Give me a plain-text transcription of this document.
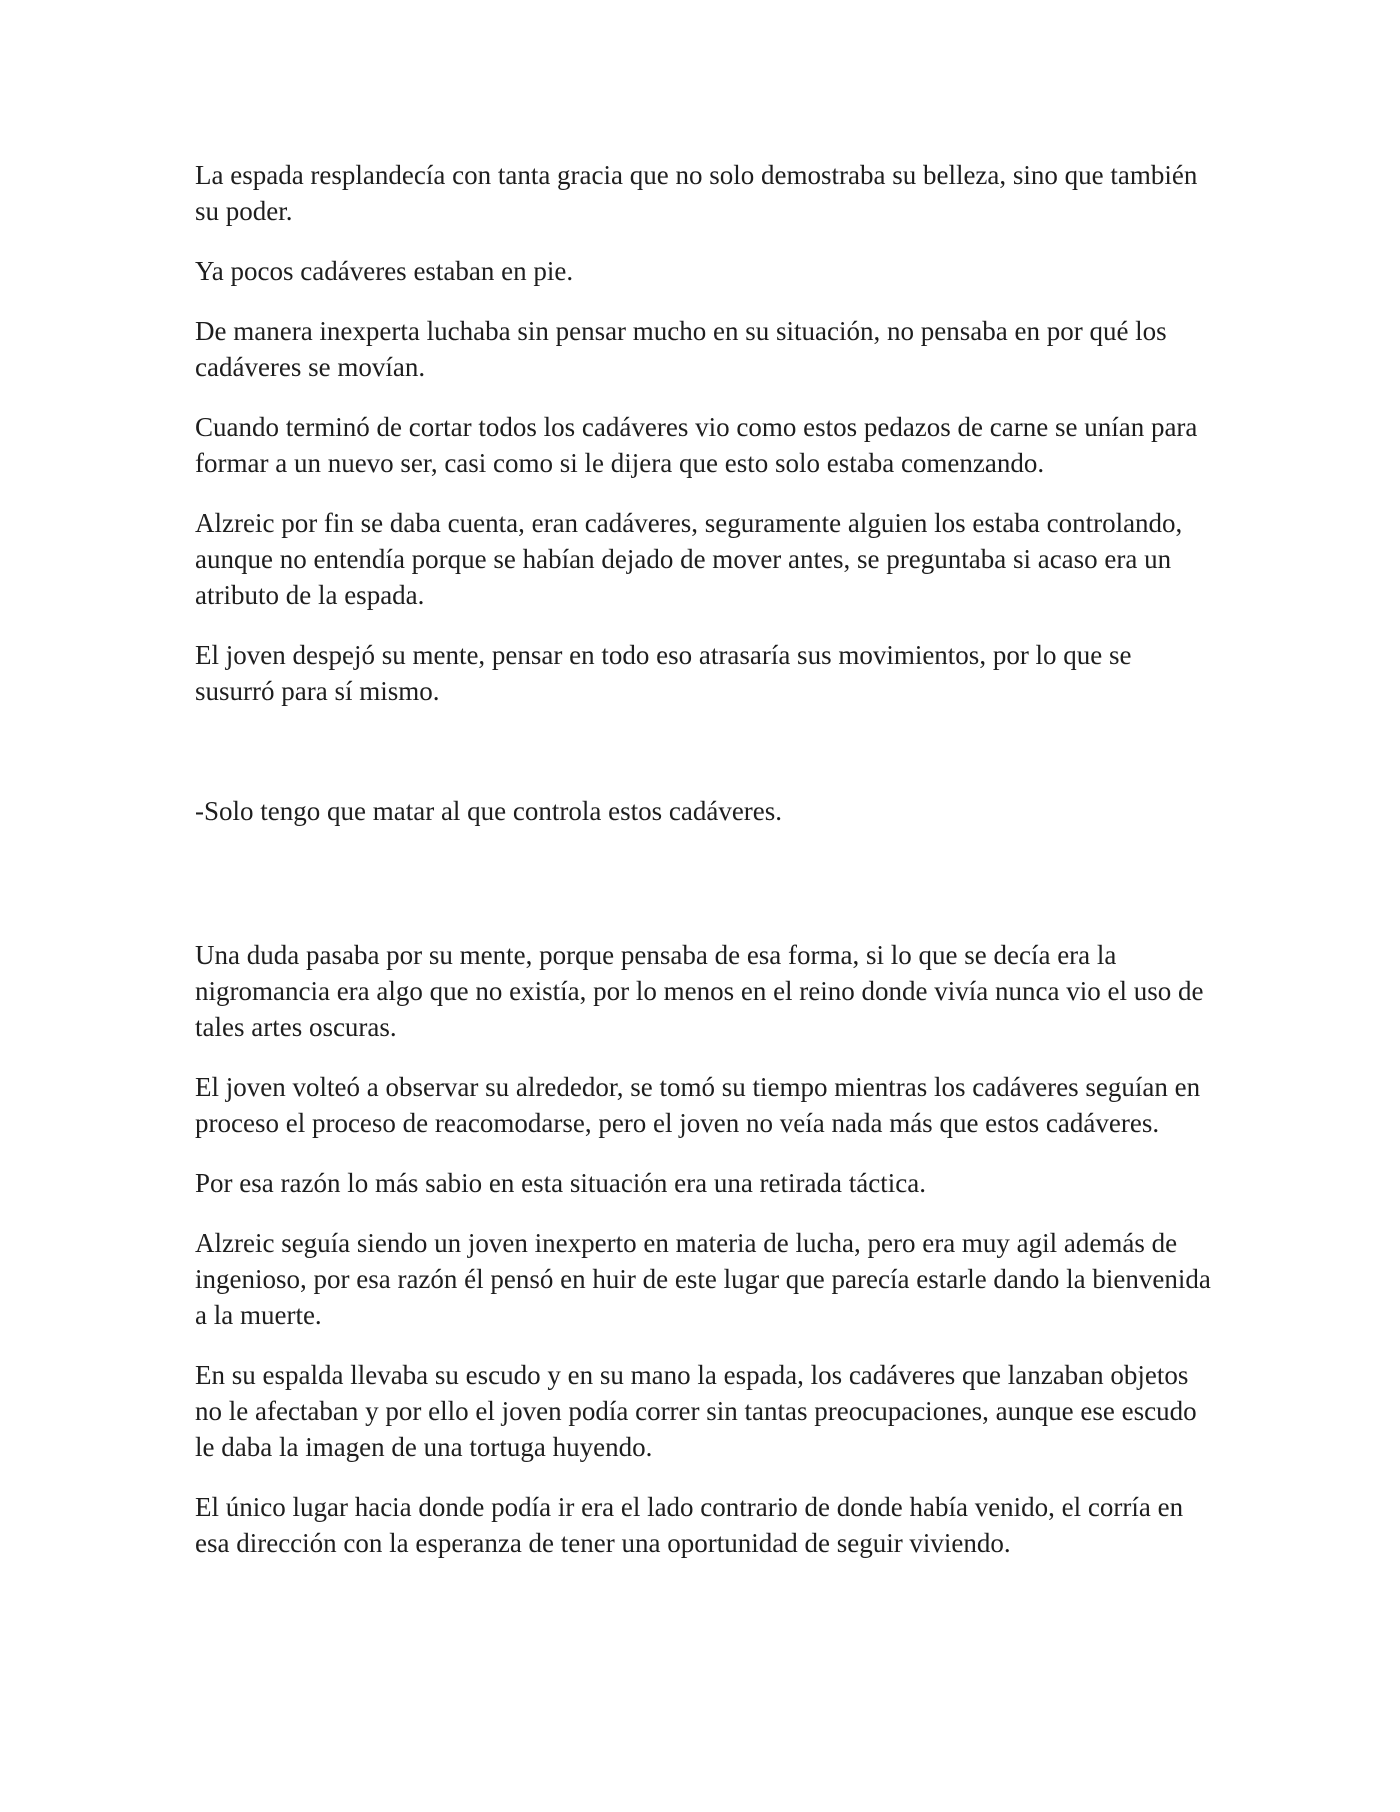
La espada resplandecía con tanta gracia que no solo demostraba su belleza, sino que también su poder.

Ya pocos cadáveres estaban en pie.

De manera inexperta luchaba sin pensar mucho en su situación, no pensaba en por qué los cadáveres se movían.

Cuando terminó de cortar todos los cadáveres vio como estos pedazos de carne se unían para formar a un nuevo ser, casi como si le dijera que esto solo estaba comenzando.

Alzreic por fin se daba cuenta, eran cadáveres, seguramente alguien los estaba controlando, aunque no entendía porque se habían dejado de mover antes, se preguntaba si acaso era un atributo de la espada.

El joven despejó su mente, pensar en todo eso atrasaría sus movimientos, por lo que se susurró para sí mismo.

-Solo tengo que matar al que controla estos cadáveres.

Una duda pasaba por su mente, porque pensaba de esa forma, si lo que se decía era la nigromancia era algo que no existía, por lo menos en el reino donde vivía nunca vio el uso de tales artes oscuras.

El joven volteó a observar su alrededor, se tomó su tiempo mientras los cadáveres seguían en proceso el proceso de reacomodarse, pero el joven no veía nada más que estos cadáveres.

Por esa razón lo más sabio en esta situación era una retirada táctica.

Alzreic seguía siendo un joven inexperto en materia de lucha, pero era muy agil además de ingenioso, por esa razón él pensó en huir de este lugar que parecía estarle dando la bienvenida a la muerte.

En su espalda llevaba su escudo y en su mano la espada, los cadáveres que lanzaban objetos no le afectaban y por ello el joven podía correr sin tantas preocupaciones, aunque ese escudo le daba la imagen de una tortuga huyendo.

El único lugar hacia donde podía ir era el lado contrario de donde había venido, el corría en esa dirección con la esperanza de tener una oportunidad de seguir viviendo.
